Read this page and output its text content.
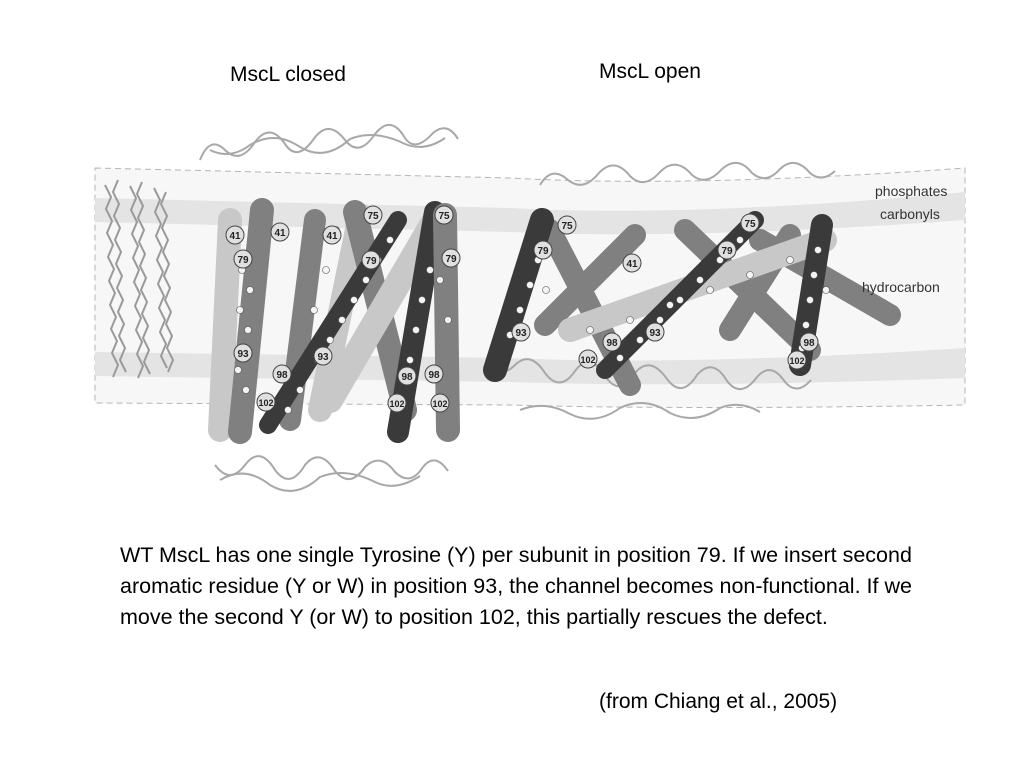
MscL closed	MscL open
41	41	41
75	75
79	79	79
93	93
98	98 98
102	102	102
75	75
79	79
41
93	93
98	98
102	102
phosphates
carbonyls
hydrocarbon
WT MscL has one single Tyrosine (Y) per subunit in position 79. If we insert second aromatic residue (Y or W) in position 93, the channel becomes non-functional. If we move the second Y (or W) to position 102, this partially rescues the defect.
(from Chiang et al., 2005)
